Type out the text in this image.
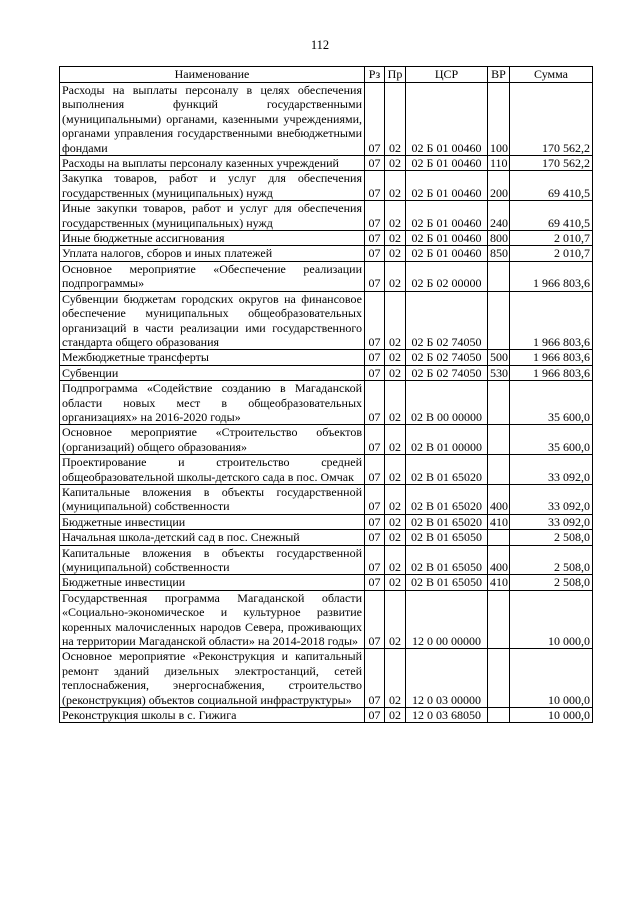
112
Наименование	Рз	Пр	ЦСР	ВР	Сумма
Расходы на выплаты персоналу в целях обеспечения выполнения функций государственными (муниципальными) органами, казенными учреждениями, органами управления государственными внебюджетными фондами	07	02	02 Б 01 00460	100	170 562,2
Расходы на выплаты персоналу казенных учреждений	07	02	02 Б 01 00460	110	170 562,2
Закупка товаров, работ и услуг для обеспечения государственных (муниципальных) нужд	07	02	02 Б 01 00460	200	69 410,5
Иные закупки товаров, работ и услуг для обеспечения государственных (муниципальных) нужд	07	02	02 Б 01 00460	240	69 410,5
Иные бюджетные ассигнования	07	02	02 Б 01 00460	800	2 010,7
Уплата налогов, сборов и иных платежей	07	02	02 Б 01 00460	850	2 010,7
Основное мероприятие «Обеспечение реализации подпрограммы»	07	02	02 Б 02 00000		1 966 803,6
Субвенции бюджетам городских округов на финансовое обеспечение муниципальных общеобразовательных организаций в части реализации ими государственного стандарта общего образования	07	02	02 Б 02 74050		1 966 803,6
Межбюджетные трансферты	07	02	02 Б 02 74050	500	1 966 803,6
Субвенции	07	02	02 Б 02 74050	530	1 966 803,6
Подпрограмма «Содействие созданию в Магаданской области новых мест в общеобразовательных организациях» на 2016-2020 годы»	07	02	02 В 00 00000		35 600,0
Основное мероприятие «Строительство объектов (организаций) общего образования»	07	02	02 В 01 00000		35 600,0
Проектирование и строительство средней общеобразовательной школы-детского сада в пос. Омчак	07	02	02 В 01 65020		33 092,0
Капитальные вложения в объекты государственной (муниципальной) собственности	07	02	02 В 01 65020	400	33 092,0
Бюджетные инвестиции	07	02	02 В 01 65020	410	33 092,0
Начальная школа-детский сад в пос. Снежный	07	02	02 В 01 65050		2 508,0
Капитальные вложения в объекты государственной (муниципальной) собственности	07	02	02 В 01 65050	400	2 508,0
Бюджетные инвестиции	07	02	02 В 01 65050	410	2 508,0
Государственная программа Магаданской области «Социально-экономическое и культурное развитие коренных малочисленных народов Севера, проживающих на территории Магаданской области» на 2014-2018 годы»	07	02	12 0 00 00000		10 000,0
Основное мероприятие «Реконструкция и капитальный ремонт зданий дизельных электростанций, сетей теплоснабжения, энергоснабжения, строительство (реконструкция) объектов социальной инфраструктуры»	07	02	12 0 03 00000		10 000,0
Реконструкция школы в с. Гижига	07	02	12 0 03 68050		10 000,0
